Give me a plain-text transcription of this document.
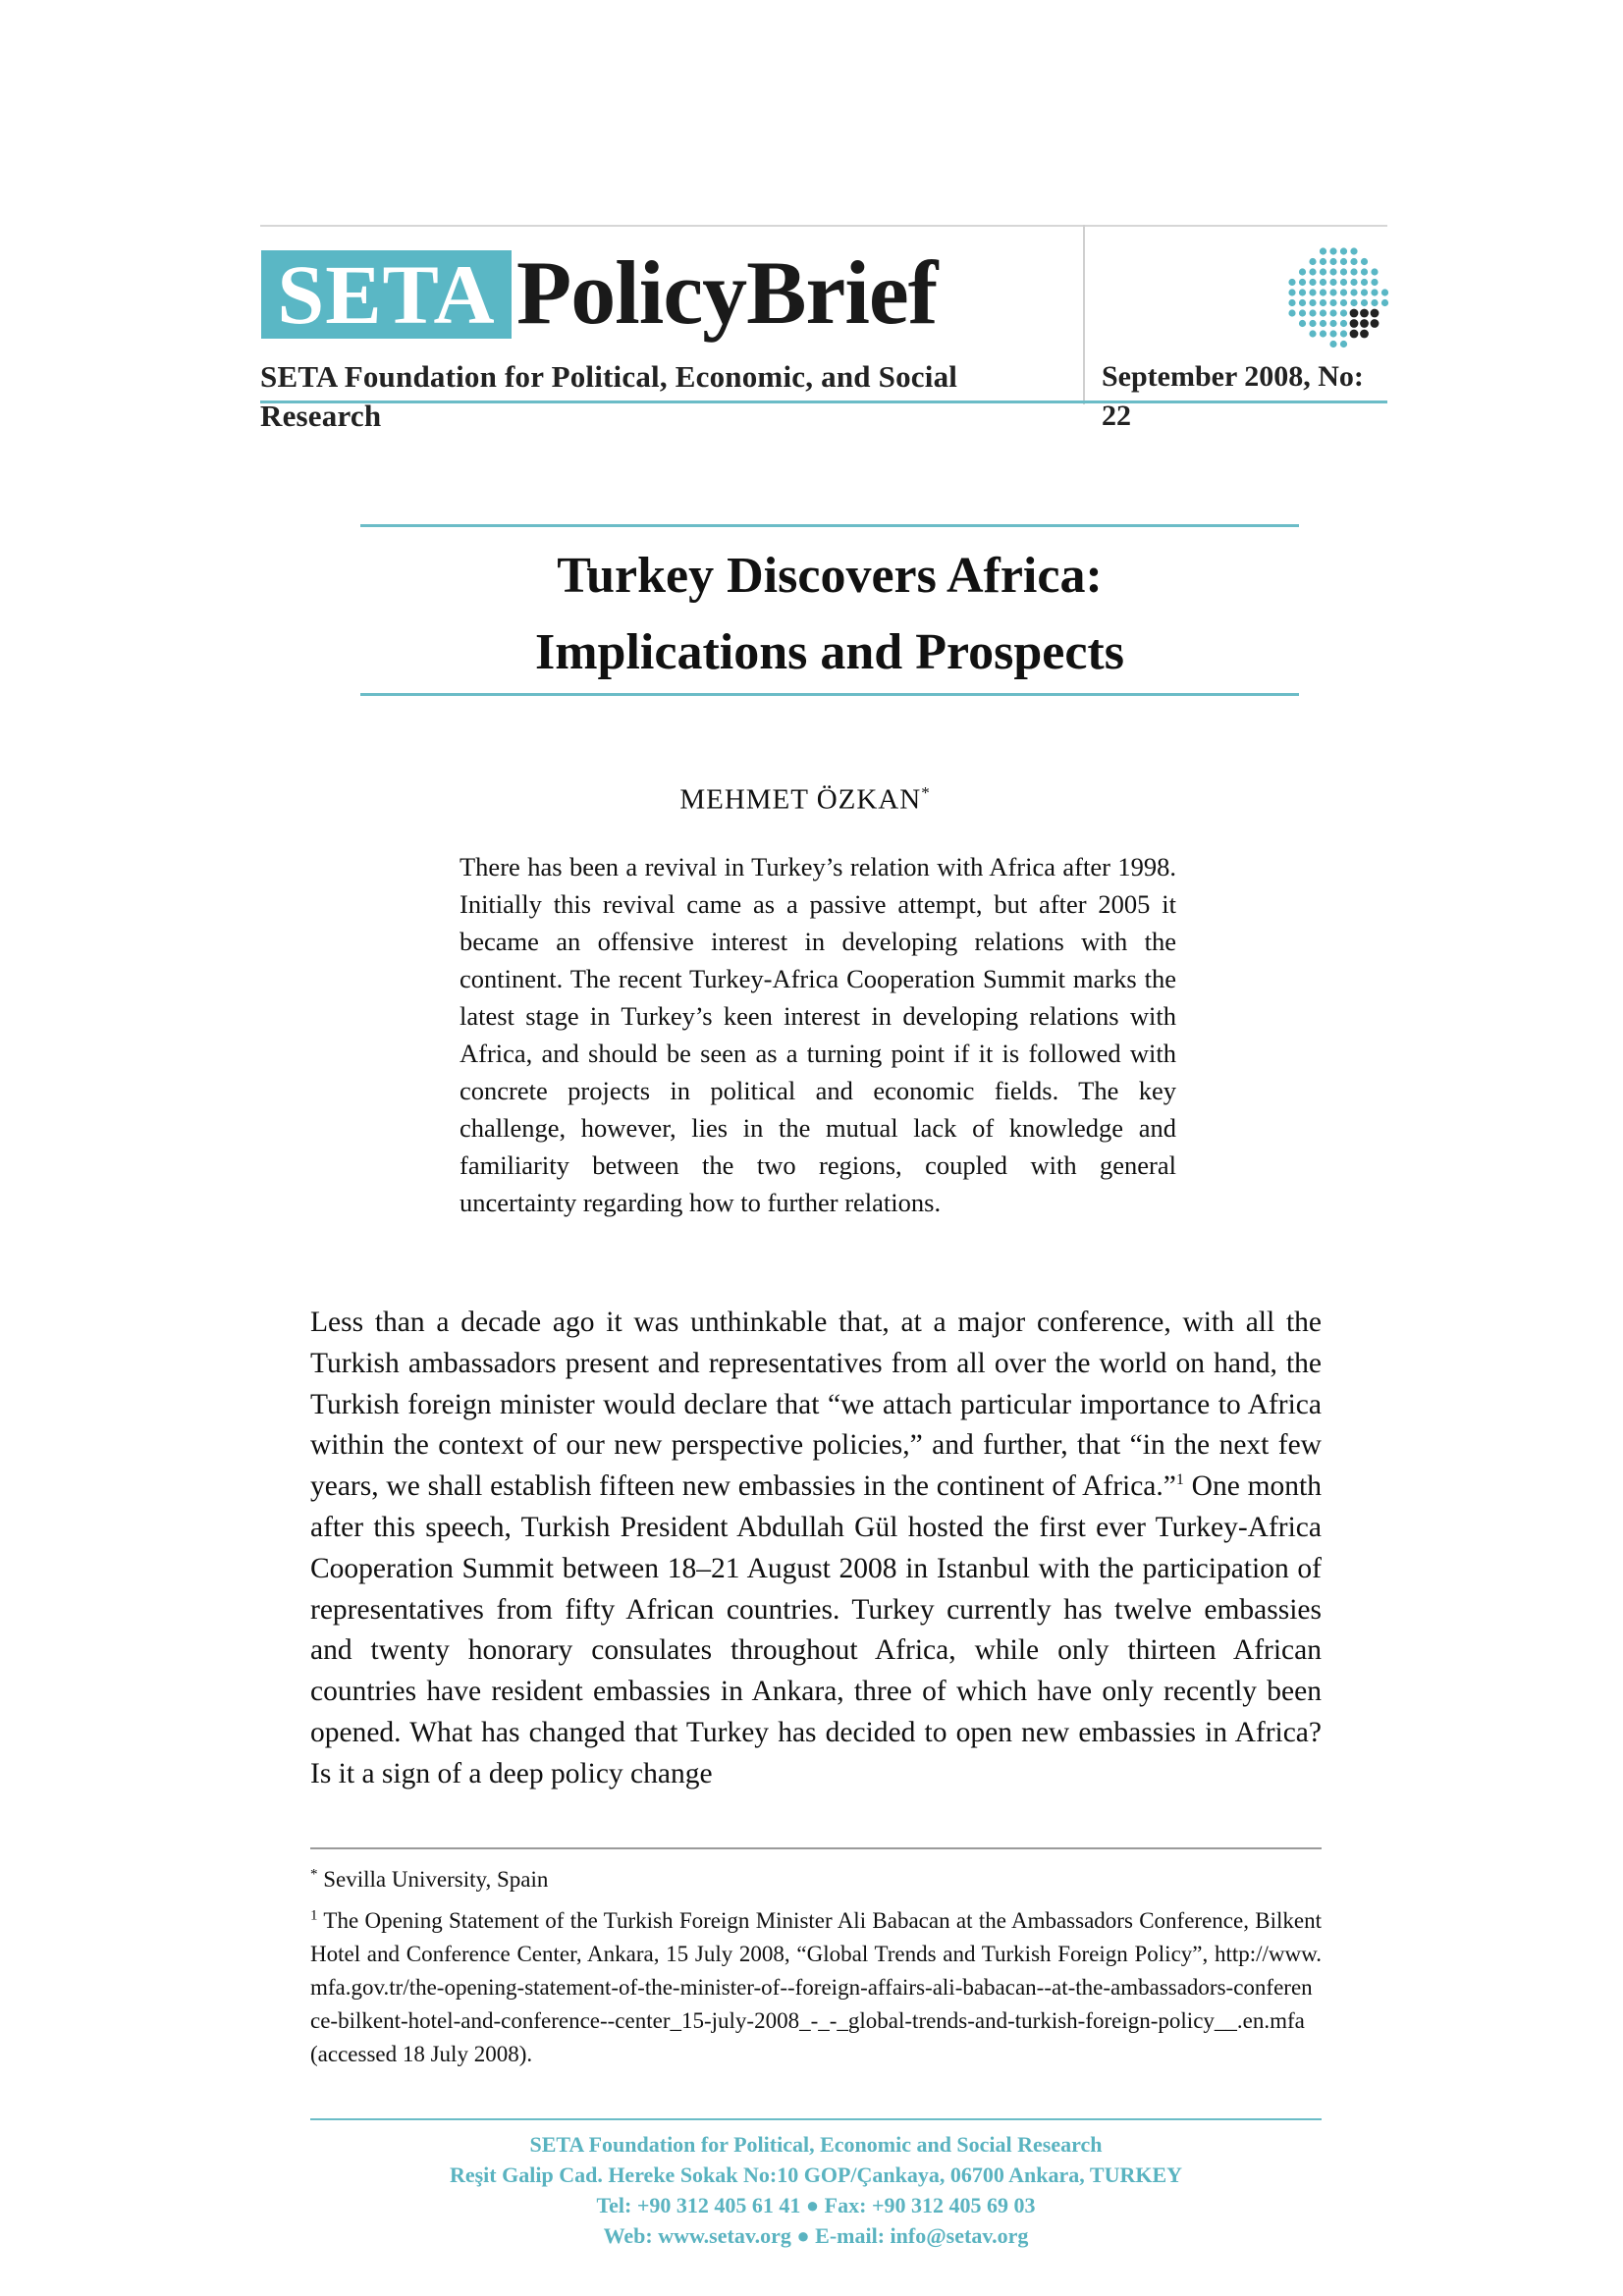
SETA PolicyBrief
SETA Foundation for Political, Economic, and Social Research
September 2008, No: 22
Turkey Discovers Africa:
Implications and Prospects
MEHMET ÖZKAN*
There has been a revival in Turkey’s relation with Africa after 1998. Initially this revival came as a passive attempt, but after 2005 it became an offensive interest in developing relations with the continent. The recent Turkey-Africa Cooperation Summit marks the latest stage in Turkey’s keen interest in developing relations with Africa, and should be seen as a turning point if it is followed with concrete projects in political and economic fields. The key challenge, however, lies in the mutual lack of knowledge and familiarity between the two regions, coupled with general uncertainty regarding how to further relations.
Less than a decade ago it was unthinkable that, at a major conference, with all the Turkish ambassadors present and representatives from all over the world on hand, the Turkish foreign minister would declare that “we attach particular importance to Africa within the context of our new perspective policies,” and further, that “in the next few years, we shall establish fifteen new embassies in the continent of Africa.”$^1$ One month after this speech, Turkish President Abdullah Gül hosted the first ever Turkey-Africa Cooperation Summit between 18–21 August 2008 in Istanbul with the participation of representatives from fifty African countries. Turkey currently has twelve embassies and twenty honorary consulates throughout Africa, while only thirteen African countries have resident embassies in Ankara, three of which have only recently been opened. What has changed that Turkey has decided to open new embassies in Africa? Is it a sign of a deep policy change
* Sevilla University, Spain
$^1$ The Opening Statement of the Turkish Foreign Minister Ali Babacan at the Ambassadors Conference, Bilkent Hotel and Conference Center, Ankara, 15 July 2008, “Global Trends and Turkish Foreign Policy”, http://www.mfa.gov.tr/the-opening-statement-of-the-minister-of--foreign-affairs-ali-babacan--at-the-ambassadors-conference-bilkent-hotel-and-conference--center_15-july-2008_-_-_global-trends-and-turkish-foreign-policy__.en.mfa (accessed 18 July 2008).
SETA Foundation for Political, Economic and Social Research
Reşit Galip Cad. Hereke Sokak No:10 GOP/Çankaya, 06700 Ankara, TURKEY
Tel: +90 312 405 61 41 ● Fax: +90 312 405 69 03
Web: www.setav.org ● E-mail: info@setav.org
